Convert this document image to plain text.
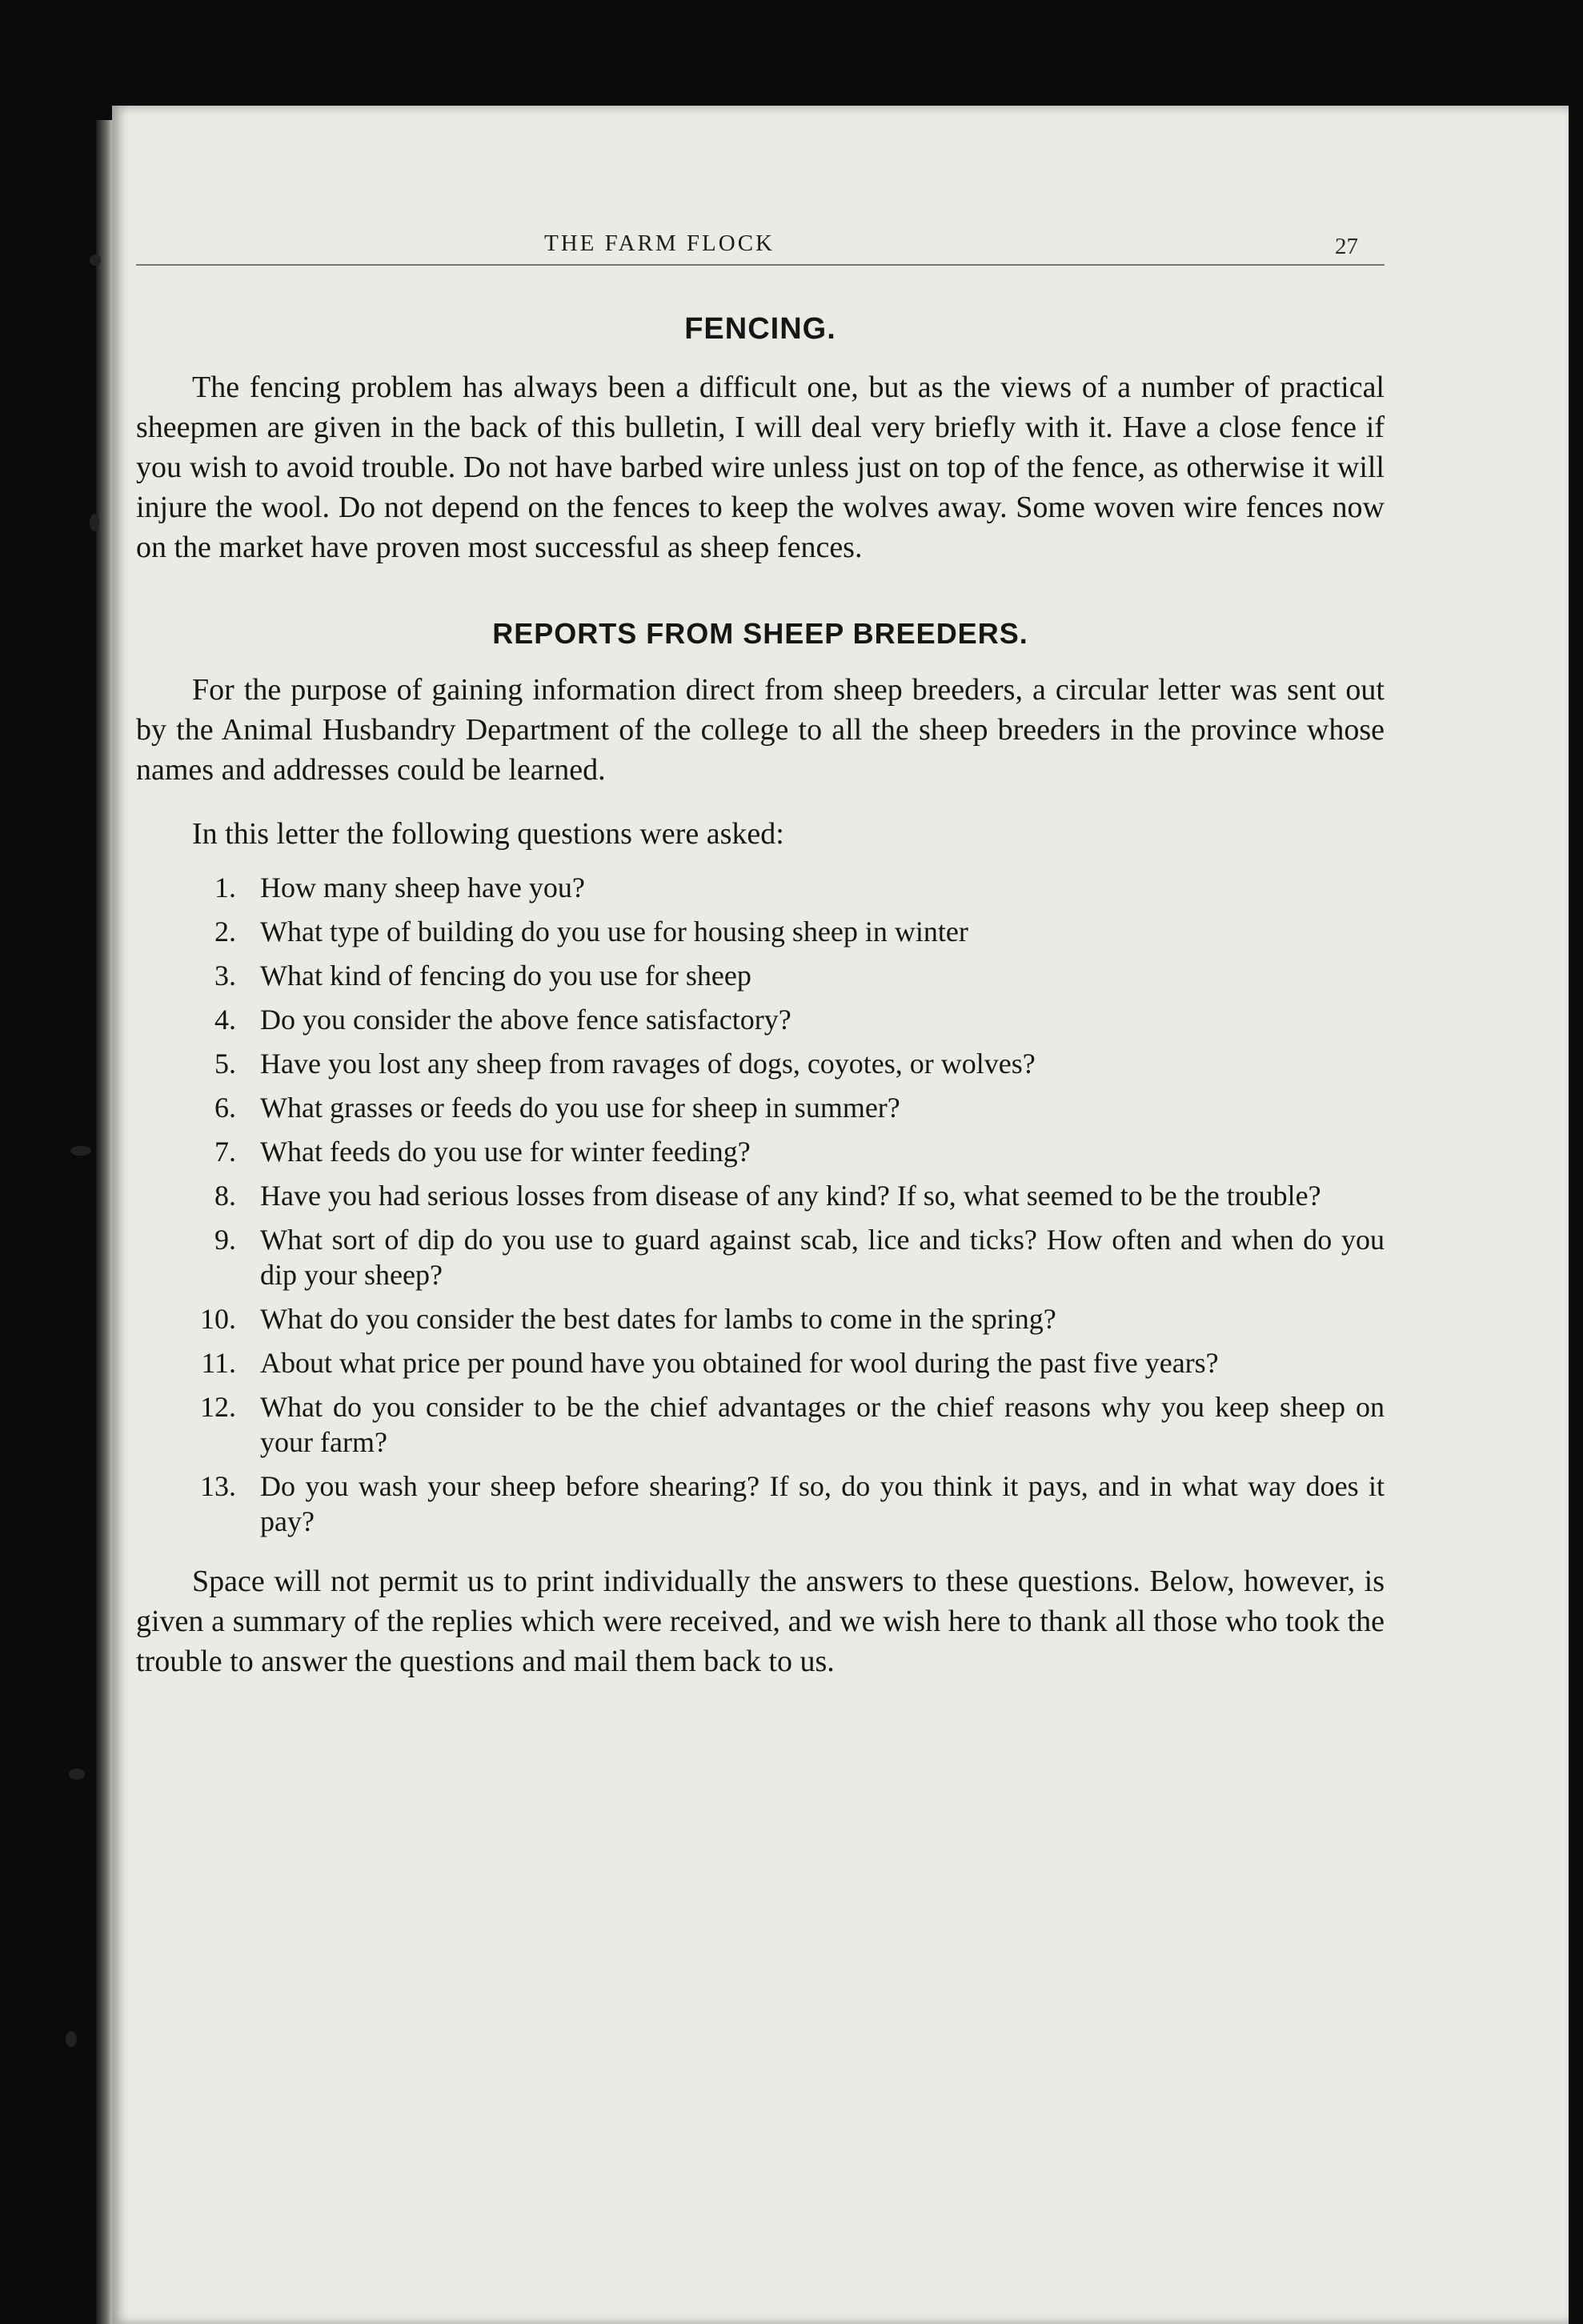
THE FARM FLOCK	27
FENCING.

The fencing problem has always been a difficult one, but as the views of a number of practical sheepmen are given in the back of this bulletin, I will deal very briefly with it. Have a close fence if you wish to avoid trouble. Do not have barbed wire unless just on top of the fence, as otherwise it will injure the wool. Do not depend on the fences to keep the wolves away. Some woven wire fences now on the market have proven most successful as sheep fences.

REPORTS FROM SHEEP BREEDERS.

For the purpose of gaining information direct from sheep breeders, a circular letter was sent out by the Animal Husbandry Department of the college to all the sheep breeders in the province whose names and addresses could be learned.

In this letter the following questions were asked:

1. How many sheep have you?
2. What type of building do you use for housing sheep in winter
3. What kind of fencing do you use for sheep
4. Do you consider the above fence satisfactory?
5. Have you lost any sheep from ravages of dogs, coyotes, or wolves?
6. What grasses or feeds do you use for sheep in summer?
7. What feeds do you use for winter feeding?
8. Have you had serious losses from disease of any kind? If so, what seemed to be the trouble?
9. What sort of dip do you use to guard against scab, lice and ticks? How often and when do you dip your sheep?
10. What do you consider the best dates for lambs to come in the spring?
11. About what price per pound have you obtained for wool during the past five years?
12. What do you consider to be the chief advantages or the chief reasons why you keep sheep on your farm?
13. Do you wash your sheep before shearing? If so, do you think it pays, and in what way does it pay?

Space will not permit us to print individually the answers to these questions. Below, however, is given a summary of the replies which were received, and we wish here to thank all those who took the trouble to answer the questions and mail them back to us.
